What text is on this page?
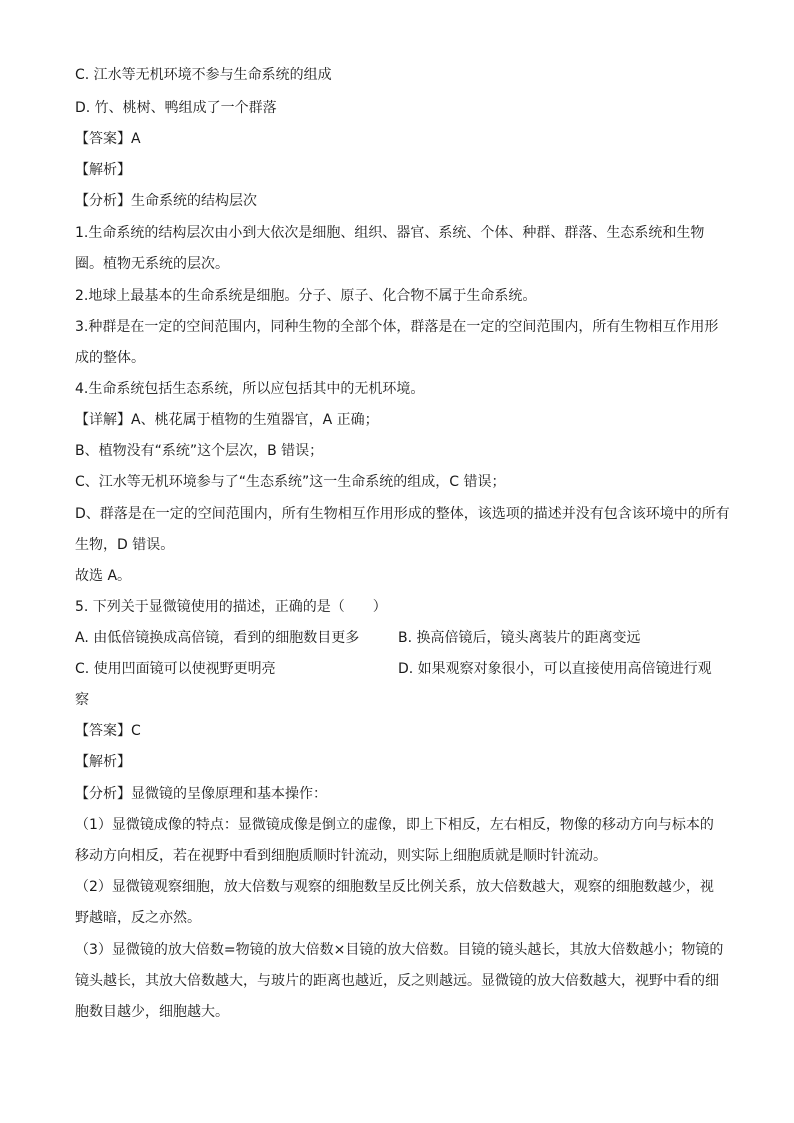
C. 江水等无机环境不参与生命系统的组成
D. 竹、桃树、鸭组成了一个群落
【答案】A
【解析】
【分析】生命系统的结构层次
1.生命系统的结构层次由小到大依次是细胞、组织、器官、系统、个体、种群、群落、生态系统和生物
圈。植物无系统的层次。
2.地球上最基本的生命系统是细胞。分子、原子、化合物不属于生命系统。
3.种群是在一定的空间范围内，同种生物的全部个体，群落是在一定的空间范围内，所有生物相互作用形
成的整体。
4.生命系统包括生态系统，所以应包括其中的无机环境。
【详解】A、桃花属于植物的生殖器官，A 正确；
B、植物没有“系统”这个层次，B 错误；
C、江水等无机环境参与了“生态系统”这一生命系统的组成，C 错误；
D、群落是在一定的空间范围内，所有生物相互作用形成的整体，该选项的描述并没有包含该环境中的所有
生物，D 错误。
故选 A。
5. 下列关于显微镜使用的描述，正确的是（　　）
A. 由低倍镜换成高倍镜，看到的细胞数目更多	B. 换高倍镜后，镜头离装片的距离变远
C. 使用凹面镜可以使视野更明亮	D. 如果观察对象很小，可以直接使用高倍镜进行观
察
【答案】C
【解析】
【分析】显微镜的呈像原理和基本操作：
（1）显微镜成像的特点：显微镜成像是倒立的虚像，即上下相反，左右相反，物像的移动方向与标本的
移动方向相反，若在视野中看到细胞质顺时针流动，则实际上细胞质就是顺时针流动。
（2）显微镜观察细胞，放大倍数与观察的细胞数呈反比例关系，放大倍数越大，观察的细胞数越少，视
野越暗，反之亦然。
（3）显微镜的放大倍数=物镜的放大倍数×目镜的放大倍数。目镜的镜头越长，其放大倍数越小；物镜的
镜头越长，其放大倍数越大，与玻片的距离也越近，反之则越远。显微镜的放大倍数越大，视野中看的细
胞数目越少，细胞越大。
